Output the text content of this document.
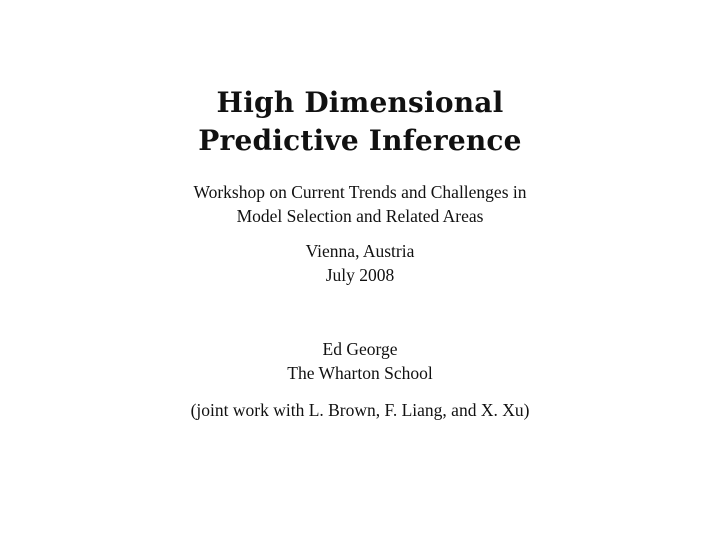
High Dimensional
Predictive Inference
Workshop on Current Trends and Challenges in
Model Selection and Related Areas
Vienna, Austria
July 2008
Ed George
The Wharton School
(joint work with L. Brown, F. Liang, and X. Xu)
